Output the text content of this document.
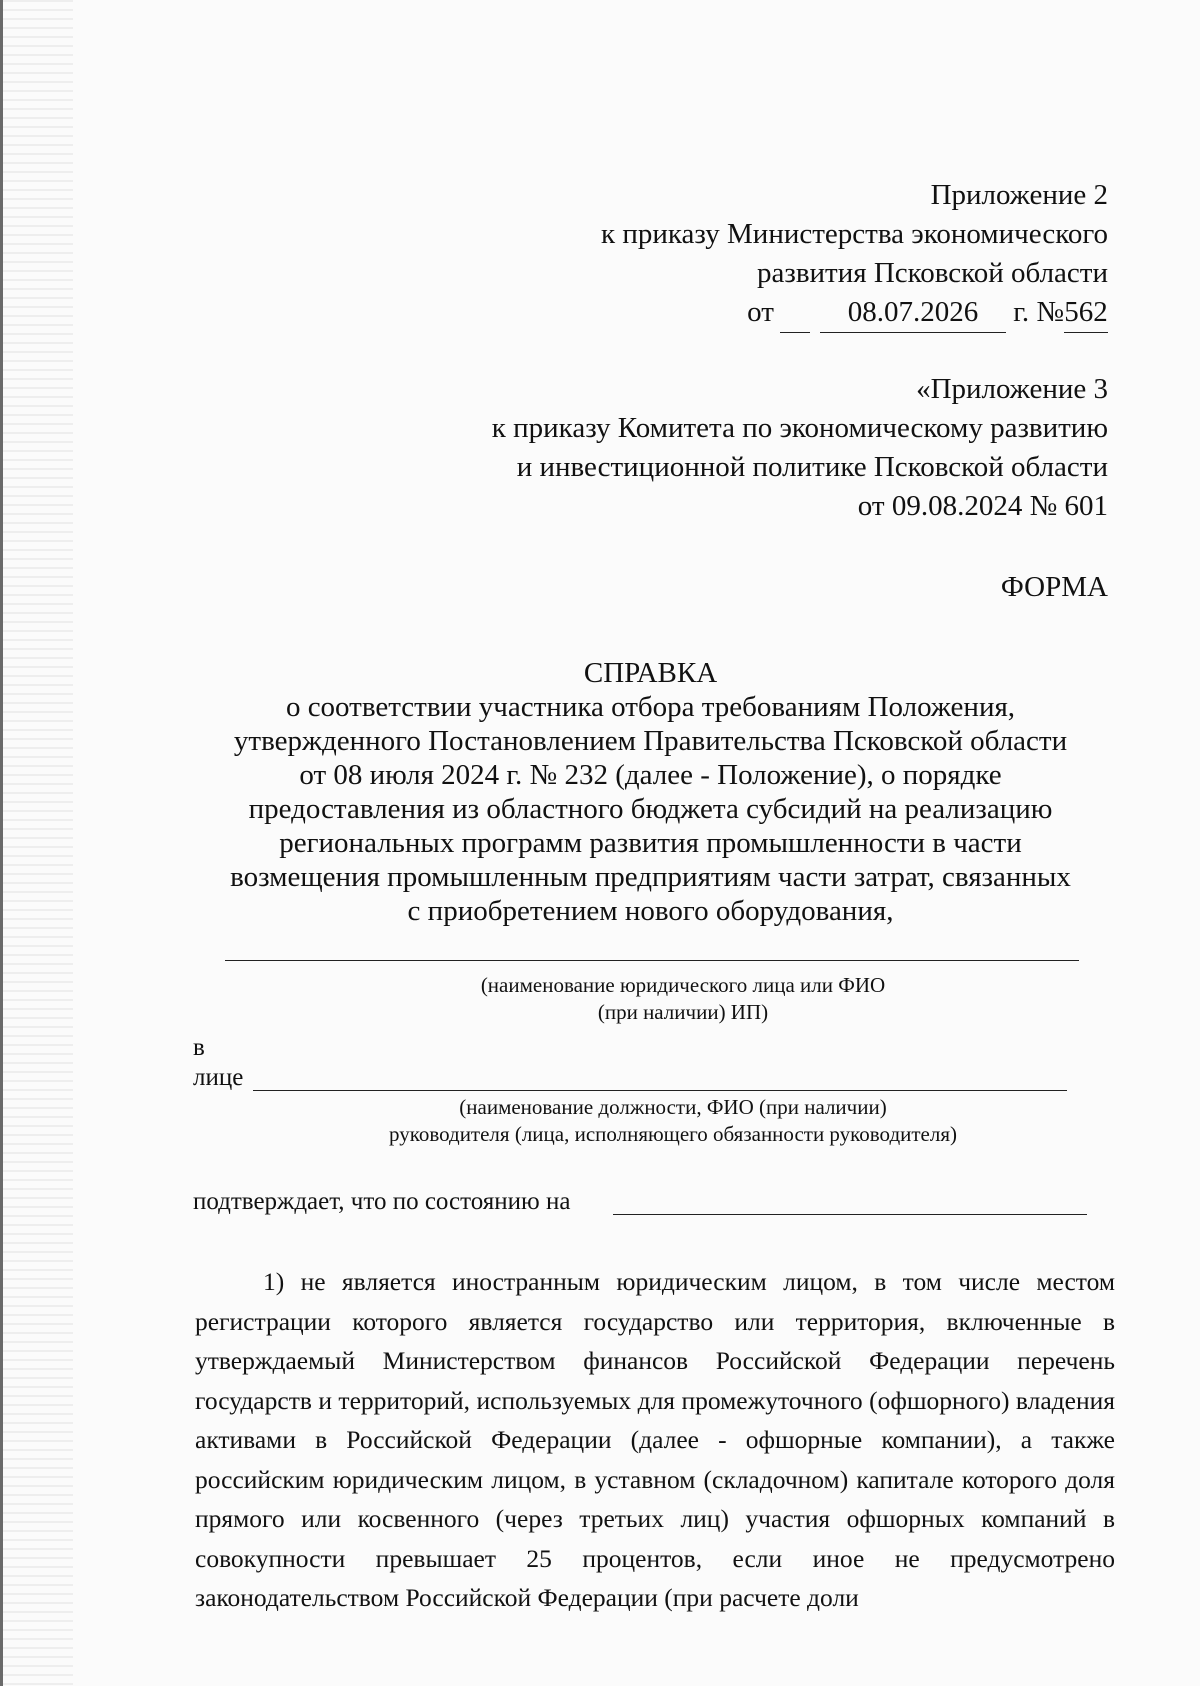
Приложение 2
к приказу Министерства экономического
развития Псковской области
от	08.07.2026 г. №562
«Приложение 3
к приказу Комитета по экономическому развитию
и инвестиционной политике Псковской области
от 09.08.2024 № 601
ФОРМА
СПРАВКА
о соответствии участника отбора требованиям Положения,
утвержденного Постановлением Правительства Псковской области
от 08 июля 2024 г. № 232 (далее - Положение), о порядке
предоставления из областного бюджета субсидий на реализацию
региональных программ развития промышленности в части
возмещения промышленным предприятиям части затрат, связанных
с приобретением нового оборудования,
(наименование юридического лица или ФИО
(при наличии) ИП)
в
лице
(наименование должности, ФИО (при наличии)
руководителя (лица, исполняющего обязанности руководителя)
подтверждает, что по состоянию на
1) не является иностранным юридическим лицом, в том числе местом регистрации которого является государство или территория, включенные в утверждаемый Министерством финансов Российской Федерации перечень государств и территорий, используемых для промежуточного (офшорного) владения активами в Российской Федерации (далее - офшорные компании), а также российским юридическим лицом, в уставном (складочном) капитале которого доля прямого или косвенного (через третьих лиц) участия офшорных компаний в совокупности превышает 25 процентов, если иное не предусмотрено законодательством Российской Федерации (при расчете доли
